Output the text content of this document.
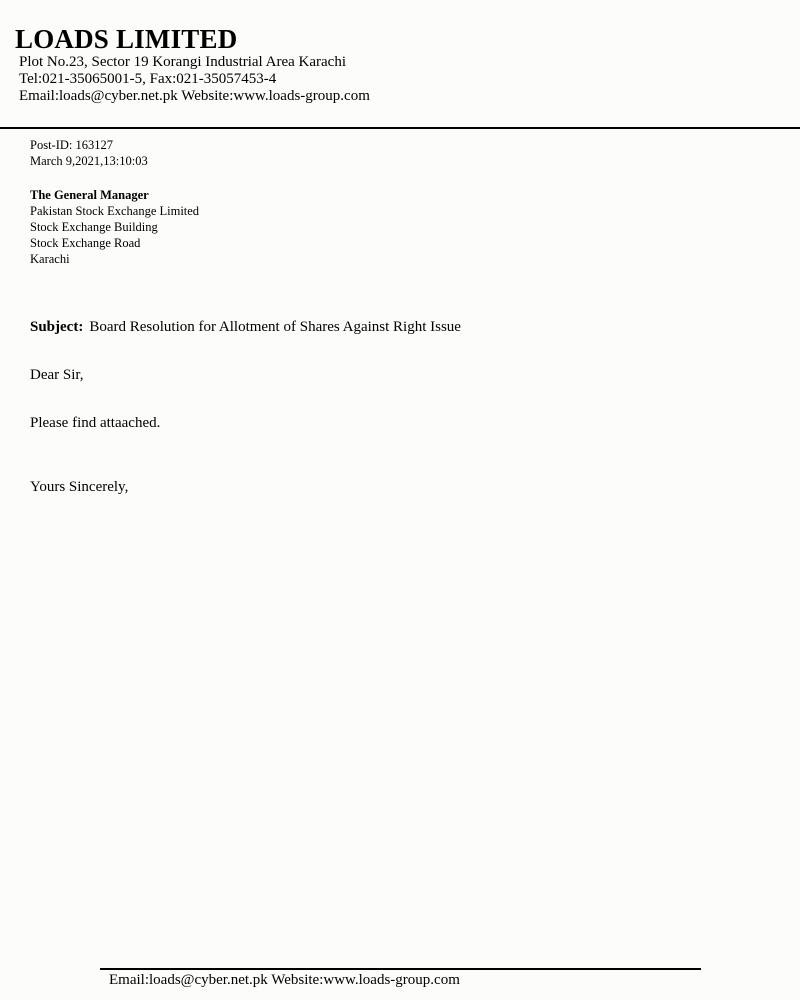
LOADS LIMITED
Plot No.23, Sector 19 Korangi Industrial Area Karachi
Tel:021-35065001-5, Fax:021-35057453-4
Email:loads@cyber.net.pk Website:www.loads-group.com
Post-ID: 163127
March 9,2021,13:10:03
The General Manager
Pakistan Stock Exchange Limited
Stock Exchange Building
Stock Exchange Road
Karachi
Subject: Board Resolution for Allotment of Shares Against Right Issue
Dear Sir,
Please find attaached.
Yours Sincerely,
Email:loads@cyber.net.pk Website:www.loads-group.com
